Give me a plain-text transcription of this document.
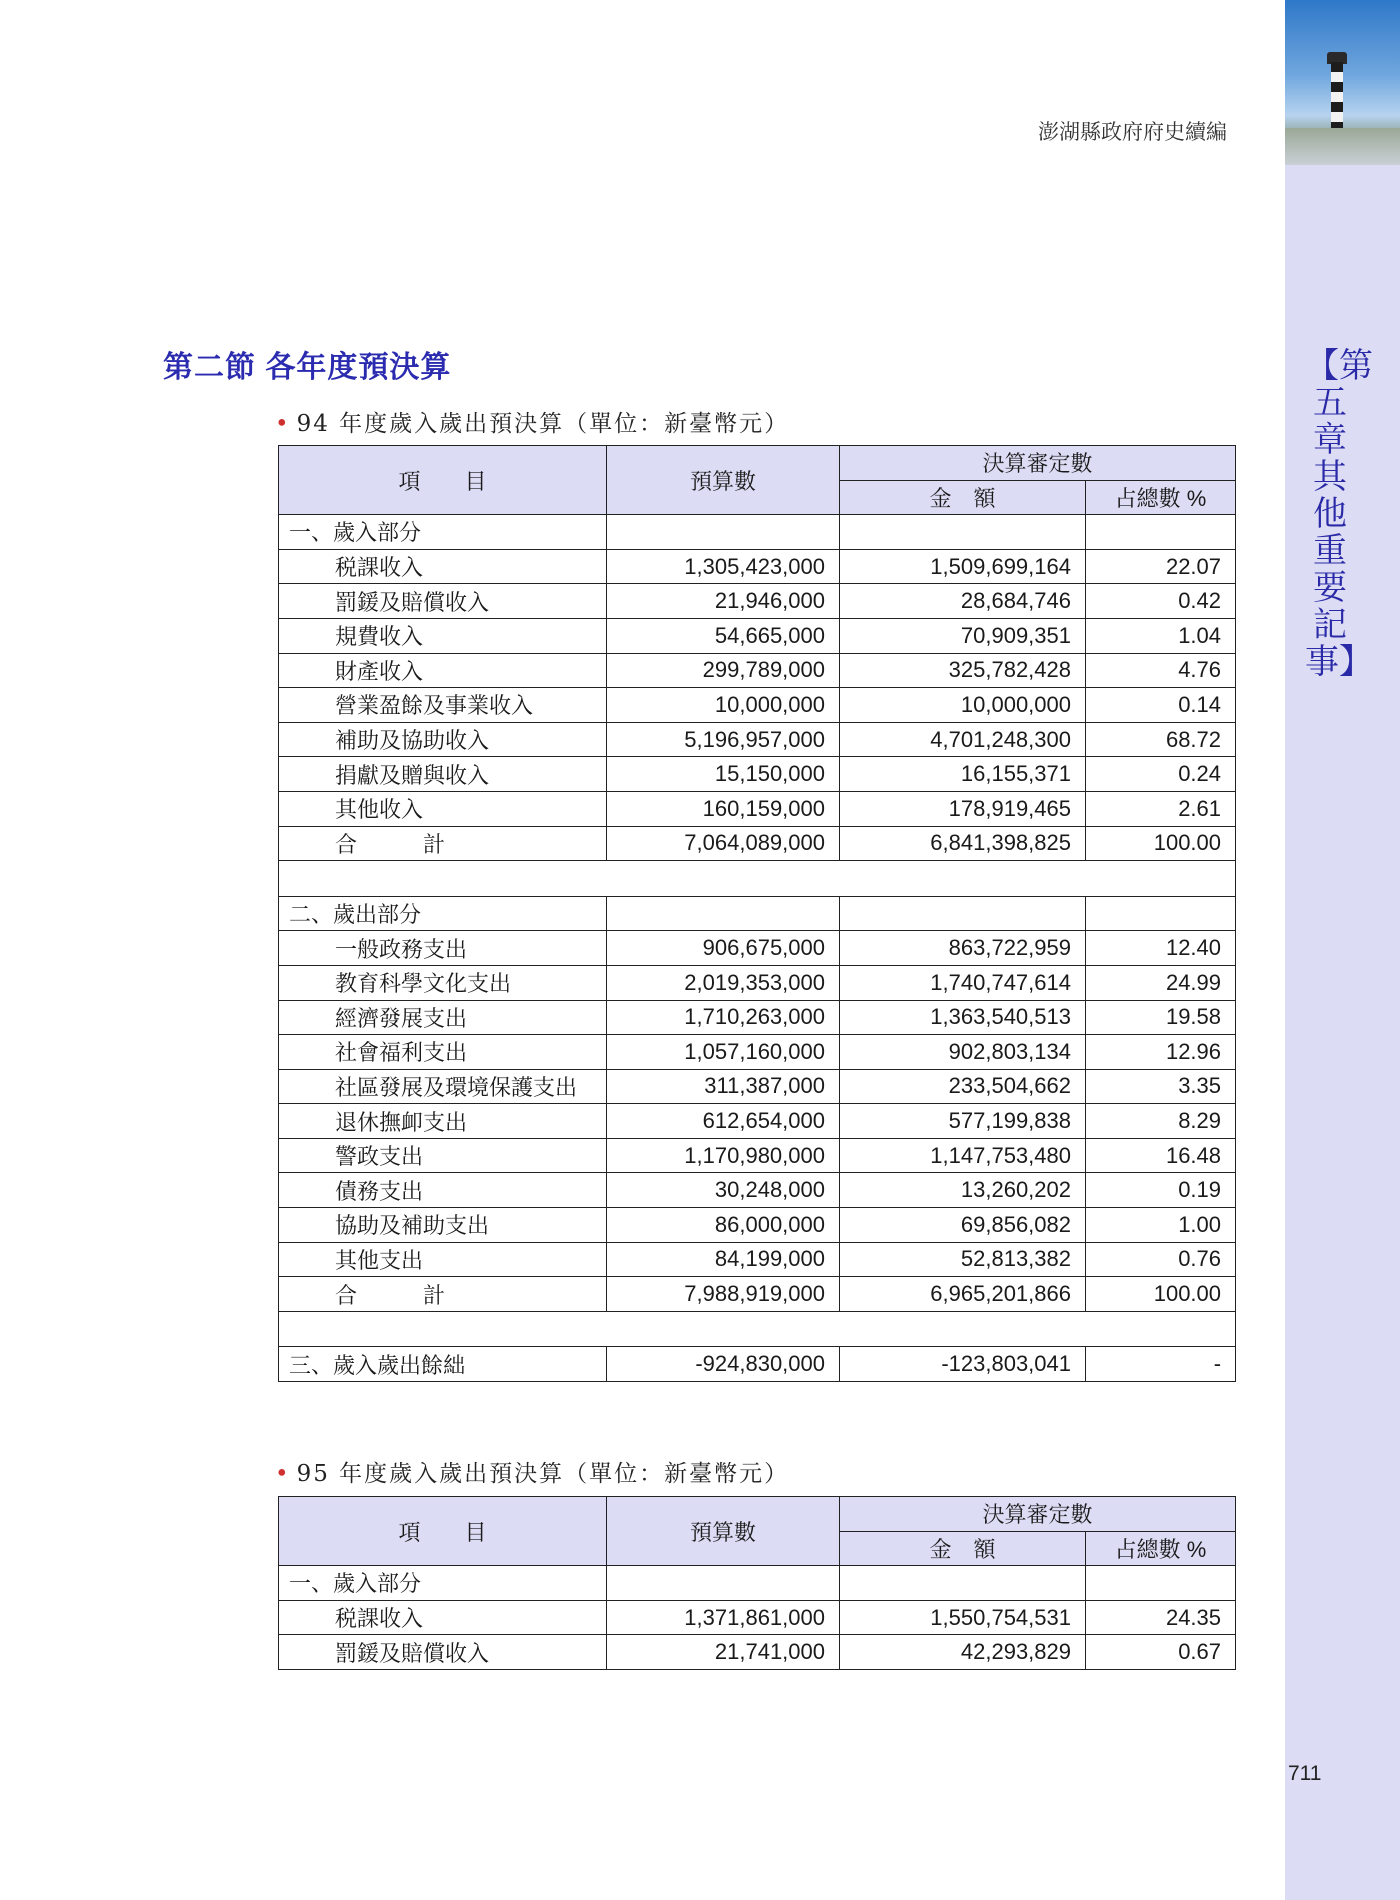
【第五章 其他重要記事】
711
澎湖縣政府府史續編
第二節 各年度預決算
• 94 年度歲入歲出預決算（單位：新臺幣元）
項　　目	預算數	決算審定數	
		金　額	占總數 %
一、歲入部分			
税課收入	1,305,423,000	1,509,699,164	22.07
罰鍰及賠償收入	21,946,000	28,684,746	0.42
規費收入	54,665,000	70,909,351	1.04
財產收入	299,789,000	325,782,428	4.76
營業盈餘及事業收入	10,000,000	10,000,000	0.14
補助及協助收入	5,196,957,000	4,701,248,300	68.72
捐獻及贈與收入	15,150,000	16,155,371	0.24
其他收入	160,159,000	178,919,465	2.61
合　　　計	7,064,089,000	6,841,398,825	100.00

二、歲出部分			
一般政務支出	906,675,000	863,722,959	12.40
教育科學文化支出	2,019,353,000	1,740,747,614	24.99
經濟發展支出	1,710,263,000	1,363,540,513	19.58
社會福利支出	1,057,160,000	902,803,134	12.96
社區發展及環境保護支出	311,387,000	233,504,662	3.35
退休撫卹支出	612,654,000	577,199,838	8.29
警政支出	1,170,980,000	1,147,753,480	16.48
債務支出	30,248,000	13,260,202	0.19
協助及補助支出	86,000,000	69,856,082	1.00
其他支出	84,199,000	52,813,382	0.76
合　　　計	7,988,919,000	6,965,201,866	100.00

三、歲入歲出餘絀	-924,830,000	-123,803,041	-
• 95 年度歲入歲出預決算（單位：新臺幣元）
項　　目	預算數	決算審定數	
		金　額	占總數 %
一、歲入部分			
税課收入	1,371,861,000	1,550,754,531	24.35
罰鍰及賠償收入	21,741,000	42,293,829	0.67
